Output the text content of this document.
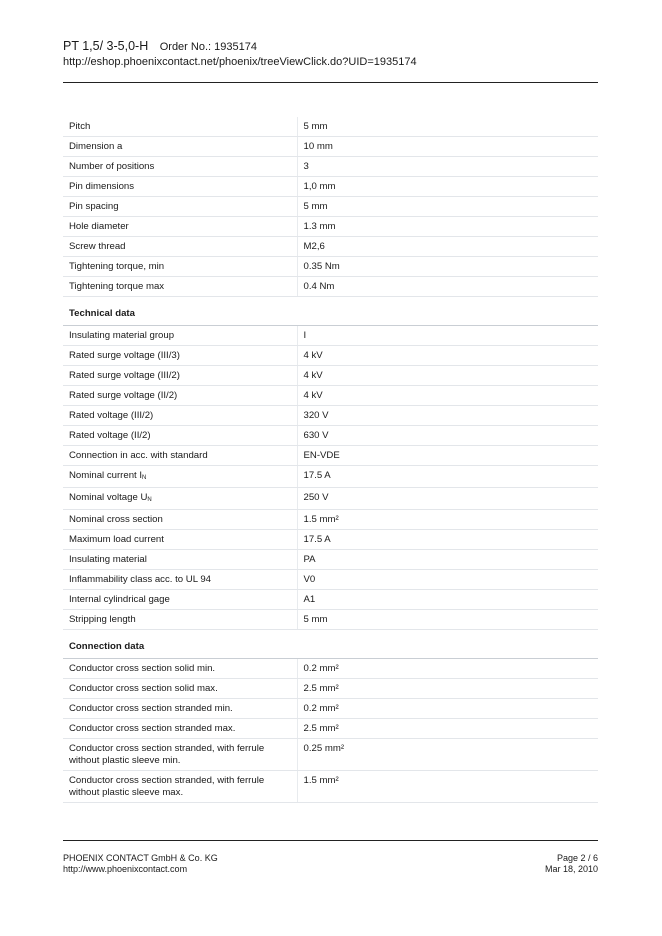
PT 1,5/ 3-5,0-H Order No.: 1935174
http://eshop.phoenixcontact.net/phoenix/treeViewClick.do?UID=1935174
Pitch	5 mm
Dimension a	10 mm
Number of positions	3
Pin dimensions	1,0 mm
Pin spacing	5 mm
Hole diameter	1.3 mm
Screw thread	M2,6
Tightening torque, min	0.35 Nm
Tightening torque max	0.4 Nm
Technical data	
Insulating material group	I
Rated surge voltage (III/3)	4 kV
Rated surge voltage (III/2)	4 kV
Rated surge voltage (II/2)	4 kV
Rated voltage (III/2)	320 V
Rated voltage (II/2)	630 V
Connection in acc. with standard	EN-VDE
Nominal current $I_N$	17.5 A
Nominal voltage $U_N$	250 V
Nominal cross section	1.5 mm²
Maximum load current	17.5 A
Insulating material	PA
Inflammability class acc. to UL 94	V0
Internal cylindrical gage	A1
Stripping length	5 mm
Connection data	
Conductor cross section solid min.	0.2 mm²
Conductor cross section solid max.	2.5 mm²
Conductor cross section stranded min.	0.2 mm²
Conductor cross section stranded max.	2.5 mm²
Conductor cross section stranded, with ferrule without plastic sleeve min.	0.25 mm²
Conductor cross section stranded, with ferrule without plastic sleeve max.	1.5 mm²
PHOENIX CONTACT GmbH & Co. KG
http://www.phoenixcontact.com
Page 2 / 6
Mar 18, 2010
